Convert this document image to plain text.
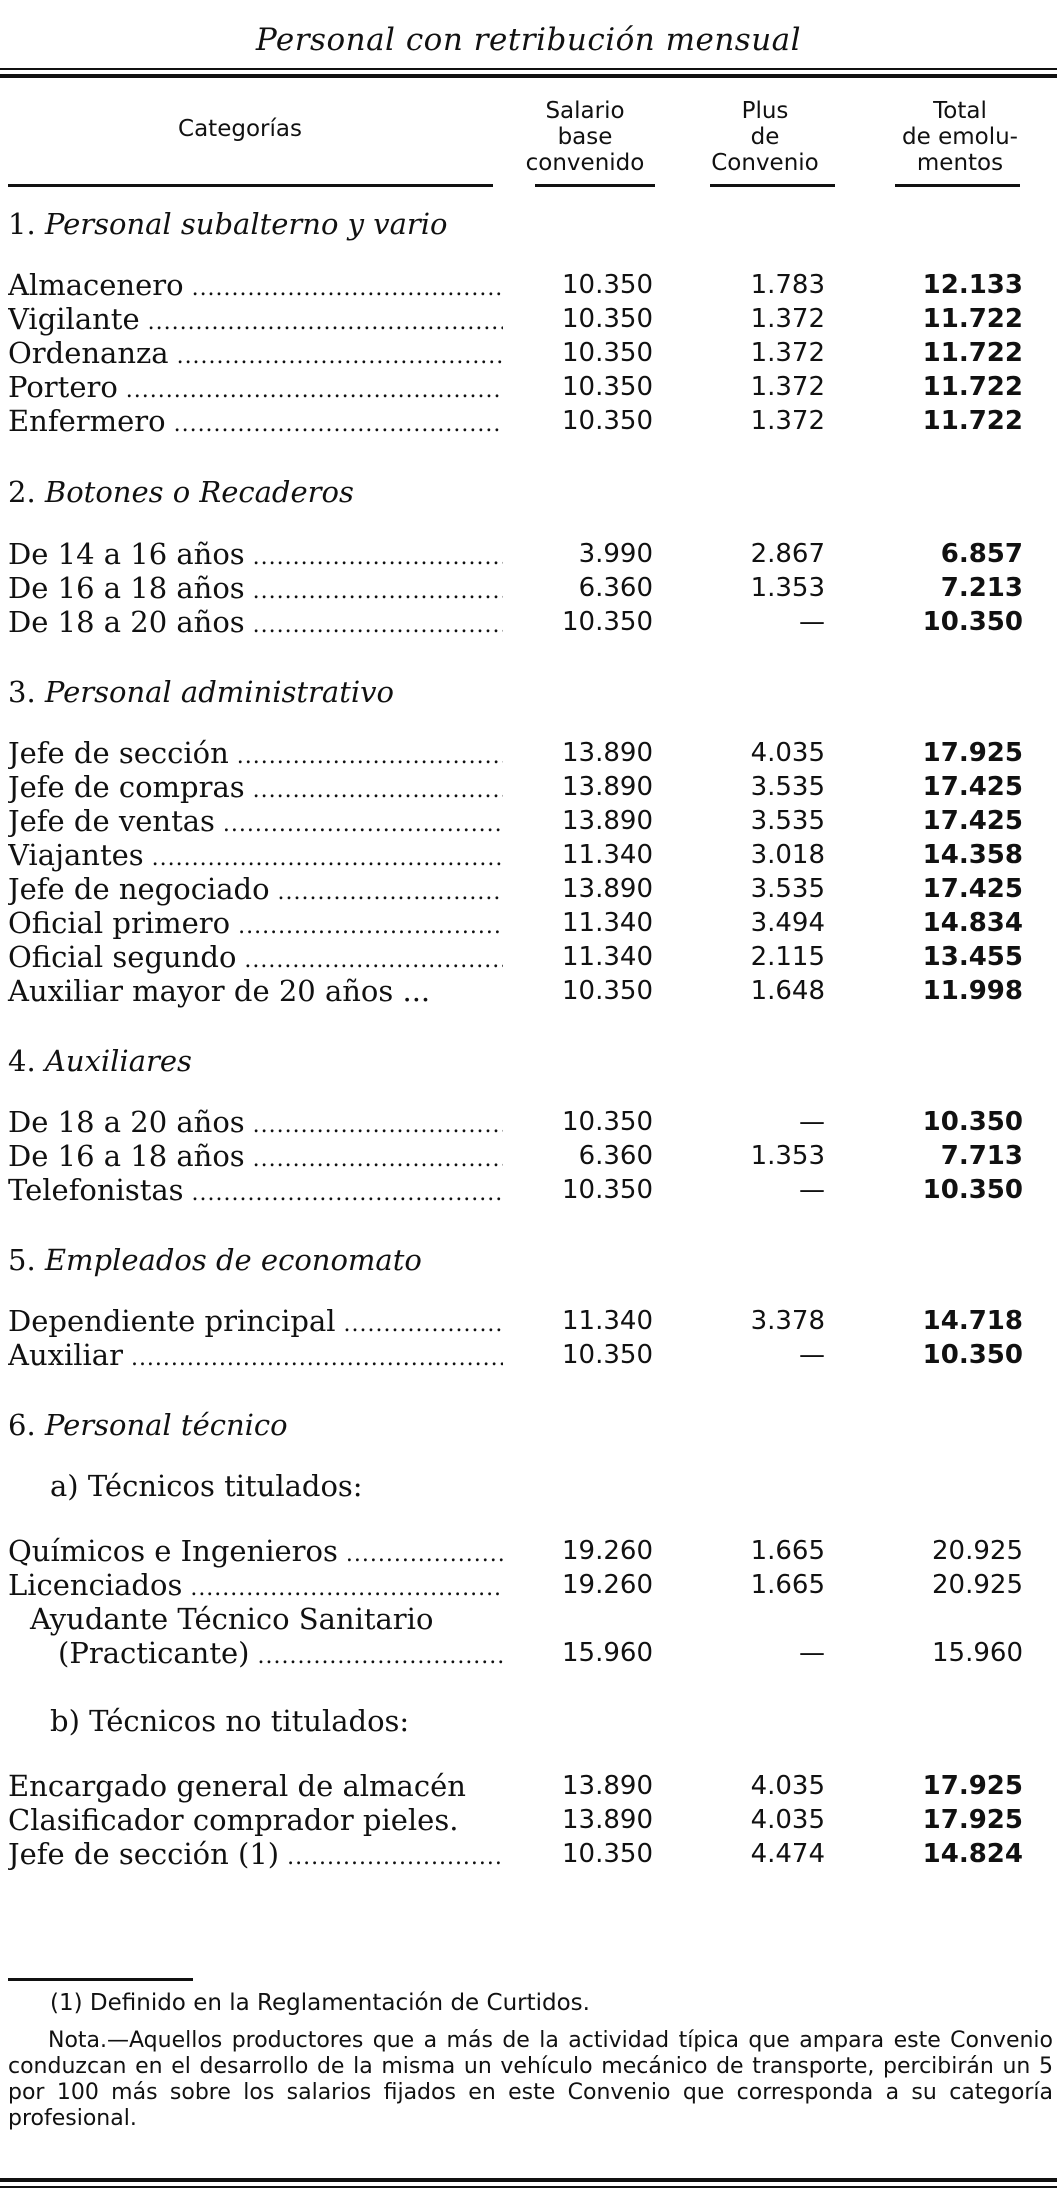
Personal con retribución mensual
Categorías
Salario
base
convenido
Plus
de
Convenio
Total
de emolu-
mentos
1. Personal subalterno y vario
Almacenero .....	10.350	1.783	12.133
Vigilante .....	10.350	1.372	11.722
Ordenanza .....	10.350	1.372	11.722
Portero .....	10.350	1.372	11.722
Enfermero .....	10.350	1.372	11.722
2. Botones o Recaderos
De 14 a 16 años .....	3.990	2.867	6.857
De 16 a 18 años .....	6.360	1.353	7.213
De 18 a 20 años .....	10.350	—	10.350
3. Personal administrativo
Jefe de sección .....	13.890	4.035	17.925
Jefe de compras .....	13.890	3.535	17.425
Jefe de ventas .....	13.890	3.535	17.425
Viajantes .....	11.340	3.018	14.358
Jefe de negociado .....	13.890	3.535	17.425
Oficial primero .....	11.340	3.494	14.834
Oficial segundo .....	11.340	2.115	13.455
Auxiliar mayor de 20 años ...	10.350	1.648	11.998
4. Auxiliares
De 18 a 20 años .....	10.350	—	10.350
De 16 a 18 años .....	6.360	1.353	7.713
Telefonistas .....	10.350	—	10.350
5. Empleados de economato
Dependiente principal .....	11.340	3.378	14.718
Auxiliar .....	10.350	—	10.350
6. Personal técnico
a) Técnicos titulados:
Químicos e Ingenieros .....	19.260	1.665	20.925
Licenciados .....	19.260	1.665	20.925
Ayudante Técnico Sanitario
(Practicante) .....	15.960	—	15.960
b) Técnicos no titulados:
Encargado general de almacén	13.890	4.035	17.925
Clasificador comprador pieles.	13.890	4.035	17.925
Jefe de sección (1) .....	10.350	4.474	14.824
(1) Definido en la Reglamentación de Curtidos.
Nota.—Aquellos productores que a más de la actividad típica que ampara este Convenio conduzcan en el desarrollo de la misma un vehículo mecánico de transporte, percibirán un 5 por 100 más sobre los salarios fijados en este Convenio que corresponda a su categoría profesional.
